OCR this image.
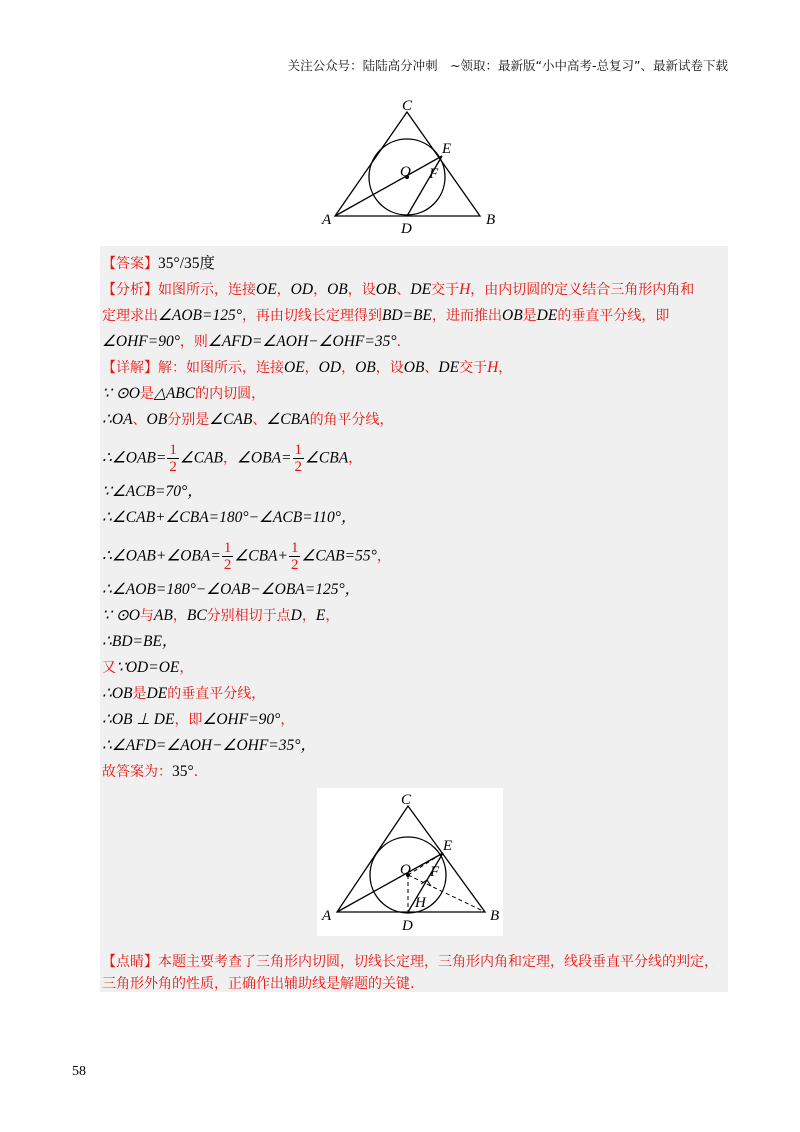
关注公众号：陆陆高分冲刺　~领取：最新版“小中高考-总复习”、最新试卷下载
C
E
O F
A
D
B
【答案】35°/35度
【分析】如图所示，连接OE，OD，OB，设OB、DE交于H，由内切圆的定义结合三角形内角和
定理求出∠AOB=125°，再由切线长定理得到BD=BE，进而推出OB是DE的垂直平分线，即
∠OHF=90°，则∠AFD=∠AOH−∠OHF=35°.
【详解】解：如图所示，连接OE，OD，OB，设OB、DE交于H，
∵ ⊙O是△ABC的内切圆，
∴OA、OB分别是∠CAB、∠CBA的角平分线，
∴∠OAB= $\frac{1}{2}$ ∠CAB，∠OBA= $\frac{1}{2}$ ∠CBA，
∵∠ACB=70°，
∴∠CAB+∠CBA=180°−∠ACB=110°，
∴∠OAB+∠OBA= $\frac{1}{2}$ ∠CBA+ $\frac{1}{2}$ ∠CAB=55°，
∴∠AOB=180°−∠OAB−∠OBA=125°，
∵ ⊙O与AB，BC分别相切于点D，E，
∴BD=BE，
又∵OD=OE，
∴OB是DE的垂直平分线，
∴OB ⊥ DE，即∠OHF=90°，
∴∠AFD=∠AOH−∠OHF=35°，
故答案为：35°.
C
E
O F
H
A
D
B
【点睛】本题主要考查了三角形内切圆，切线长定理，三角形内角和定理，线段垂直平分线的判定，
三角形外角的性质，正确作出辅助线是解题的关键.
58
